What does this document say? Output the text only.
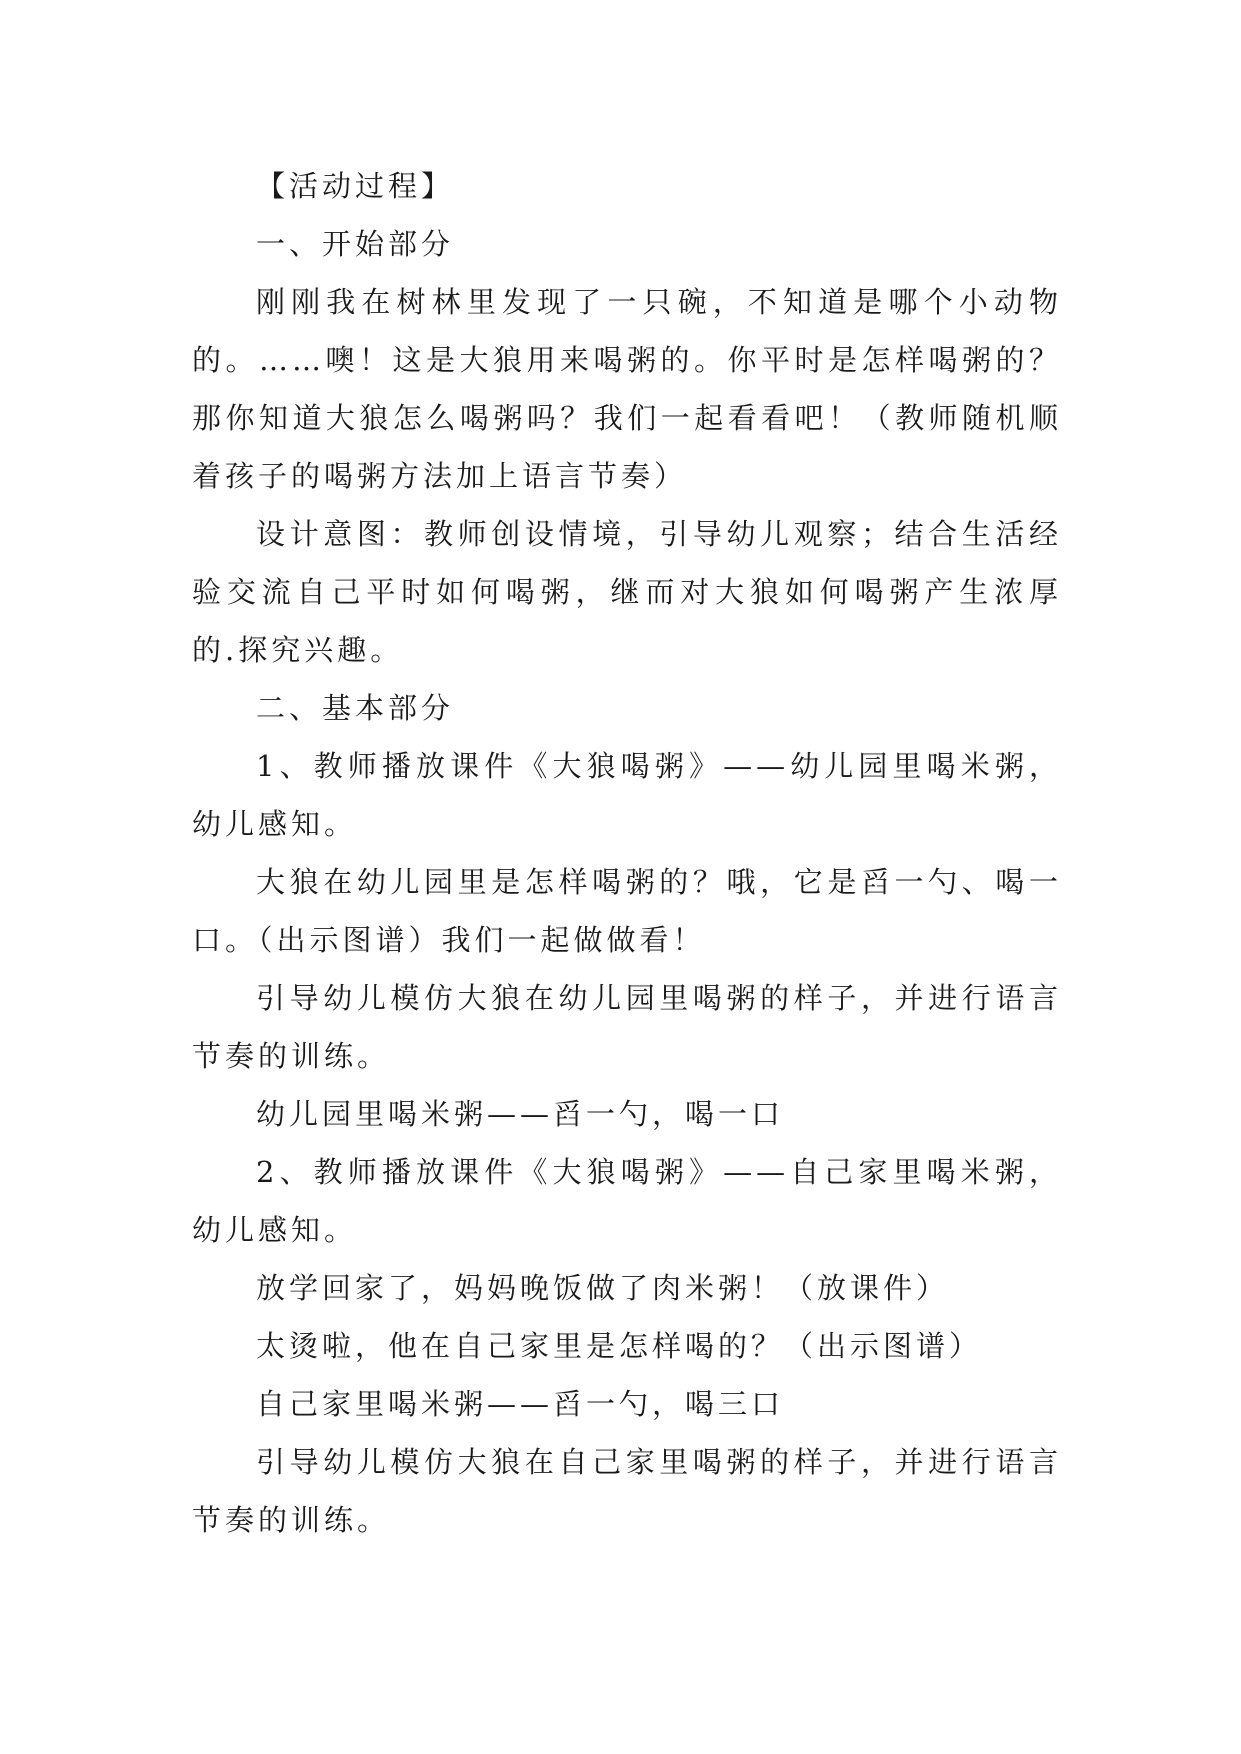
【活动过程】

一、开始部分

刚刚我在树林里发现了一只碗，不知道是哪个小动物的。……噢！这是大狼用来喝粥的。你平时是怎样喝粥的？那你知道大狼怎么喝粥吗？我们一起看看吧！（教师随机顺着孩子的喝粥方法加上语言节奏）

设计意图：教师创设情境，引导幼儿观察；结合生活经验交流自己平时如何喝粥，继而对大狼如何喝粥产生浓厚的.探究兴趣。

二、基本部分

1、教师播放课件《大狼喝粥》——幼儿园里喝米粥，幼儿感知。

大狼在幼儿园里是怎样喝粥的？哦，它是舀一勺、喝一口。（出示图谱）我们一起做做看！

引导幼儿模仿大狼在幼儿园里喝粥的样子，并进行语言节奏的训练。

幼儿园里喝米粥——舀一勺，喝一口

2、教师播放课件《大狼喝粥》——自己家里喝米粥，幼儿感知。

放学回家了，妈妈晚饭做了肉米粥！（放课件）

太烫啦，他在自己家里是怎样喝的？（出示图谱）

自己家里喝米粥——舀一勺，喝三口

引导幼儿模仿大狼在自己家里喝粥的样子，并进行语言节奏的训练。
